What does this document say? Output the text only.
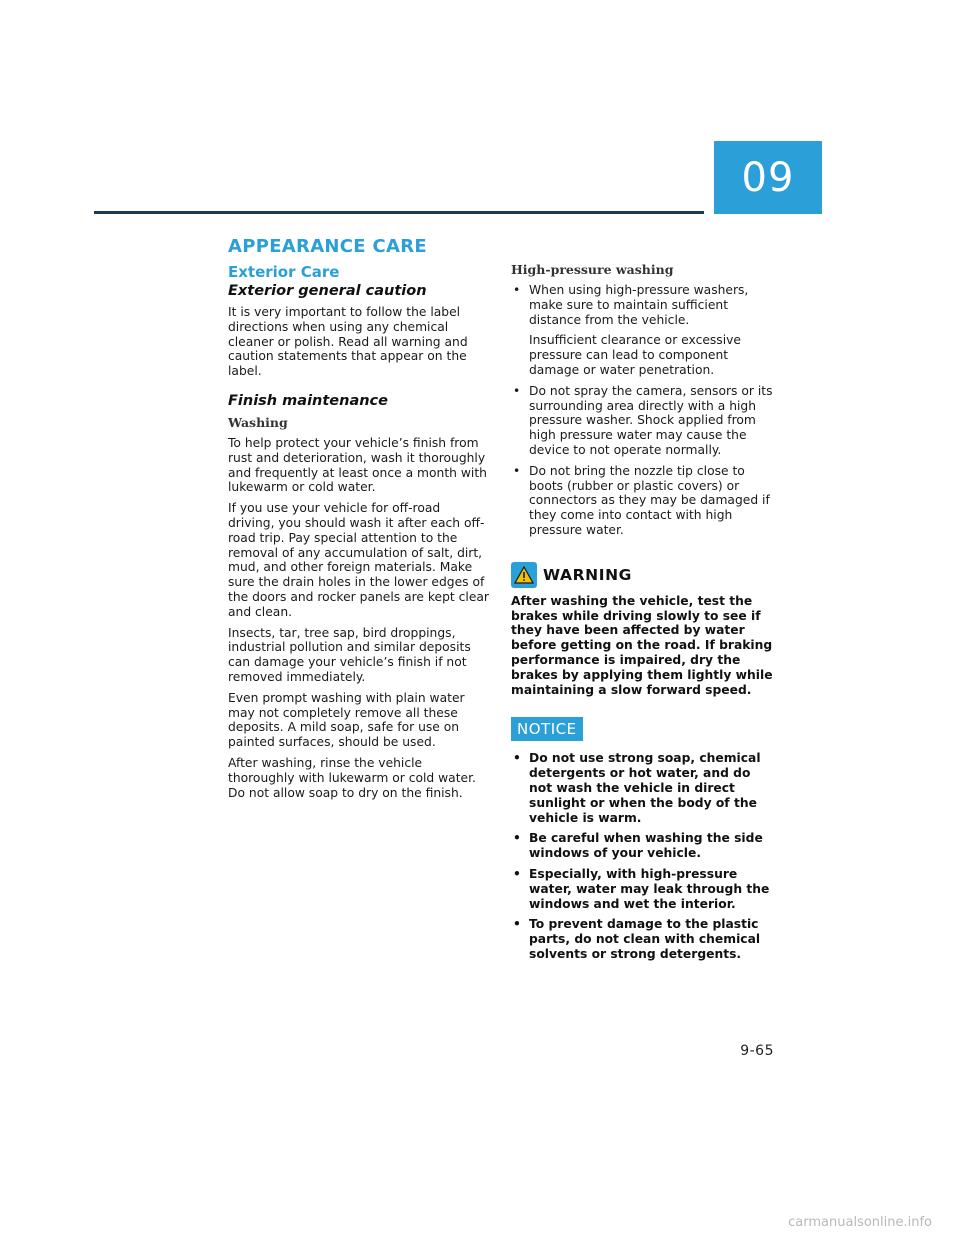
09
APPEARANCE CARE
Exterior Care
Exterior general caution

It is very important to follow the label directions when using any chemical cleaner or polish. Read all warning and caution statements that appear on the label.

Finish maintenance
Washing

To help protect your vehicle’s finish from rust and deterioration, wash it thoroughly and frequently at least once a month with lukewarm or cold water.

If you use your vehicle for off-road driving, you should wash it after each off-road trip. Pay special attention to the removal of any accumulation of salt, dirt, mud, and other foreign materials. Make sure the drain holes in the lower edges of the doors and rocker panels are kept clear and clean.

Insects, tar, tree sap, bird droppings, industrial pollution and similar deposits can damage your vehicle’s finish if not removed immediately.

Even prompt washing with plain water may not completely remove all these deposits. A mild soap, safe for use on painted surfaces, should be used.

After washing, rinse the vehicle thoroughly with lukewarm or cold water. Do not allow soap to dry on the finish.

High-pressure washing
• When using high-pressure washers, make sure to maintain sufficient distance from the vehicle.
Insufficient clearance or excessive pressure can lead to component damage or water penetration.
• Do not spray the camera, sensors or its surrounding area directly with a high pressure washer. Shock applied from high pressure water may cause the device to not operate normally.
• Do not bring the nozzle tip close to boots (rubber or plastic covers) or connectors as they may be damaged if they come into contact with high pressure water.
WARNING

After washing the vehicle, test the brakes while driving slowly to see if they have been affected by water before getting on the road. If braking performance is impaired, dry the brakes by applying them lightly while maintaining a slow forward speed.

NOTICE
• Do not use strong soap, chemical detergents or hot water, and do not wash the vehicle in direct sunlight or when the body of the vehicle is warm.
• Be careful when washing the side windows of your vehicle.
• Especially, with high-pressure water, water may leak through the windows and wet the interior.
• To prevent damage to the plastic parts, do not clean with chemical solvents or strong detergents.
9-65
carmanualsonline.info
